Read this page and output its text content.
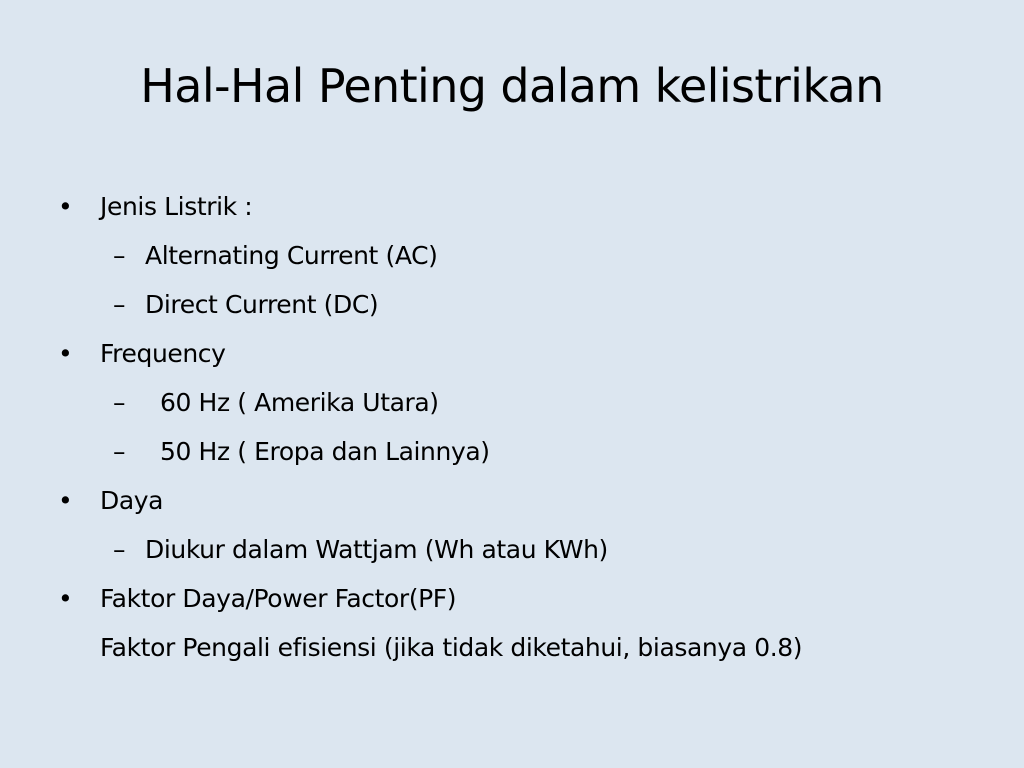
Hal-Hal Penting dalam kelistrikan
• Jenis Listrik :
– Alternating Current (AC)
– Direct Current (DC)
• Frequency
– 60 Hz ( Amerika Utara)
– 50 Hz ( Eropa dan Lainnya)
• Daya
– Diukur dalam Wattjam (Wh atau KWh)
• Faktor Daya/Power Factor(PF)
Faktor Pengali efisiensi (jika tidak diketahui, biasanya 0.8)
